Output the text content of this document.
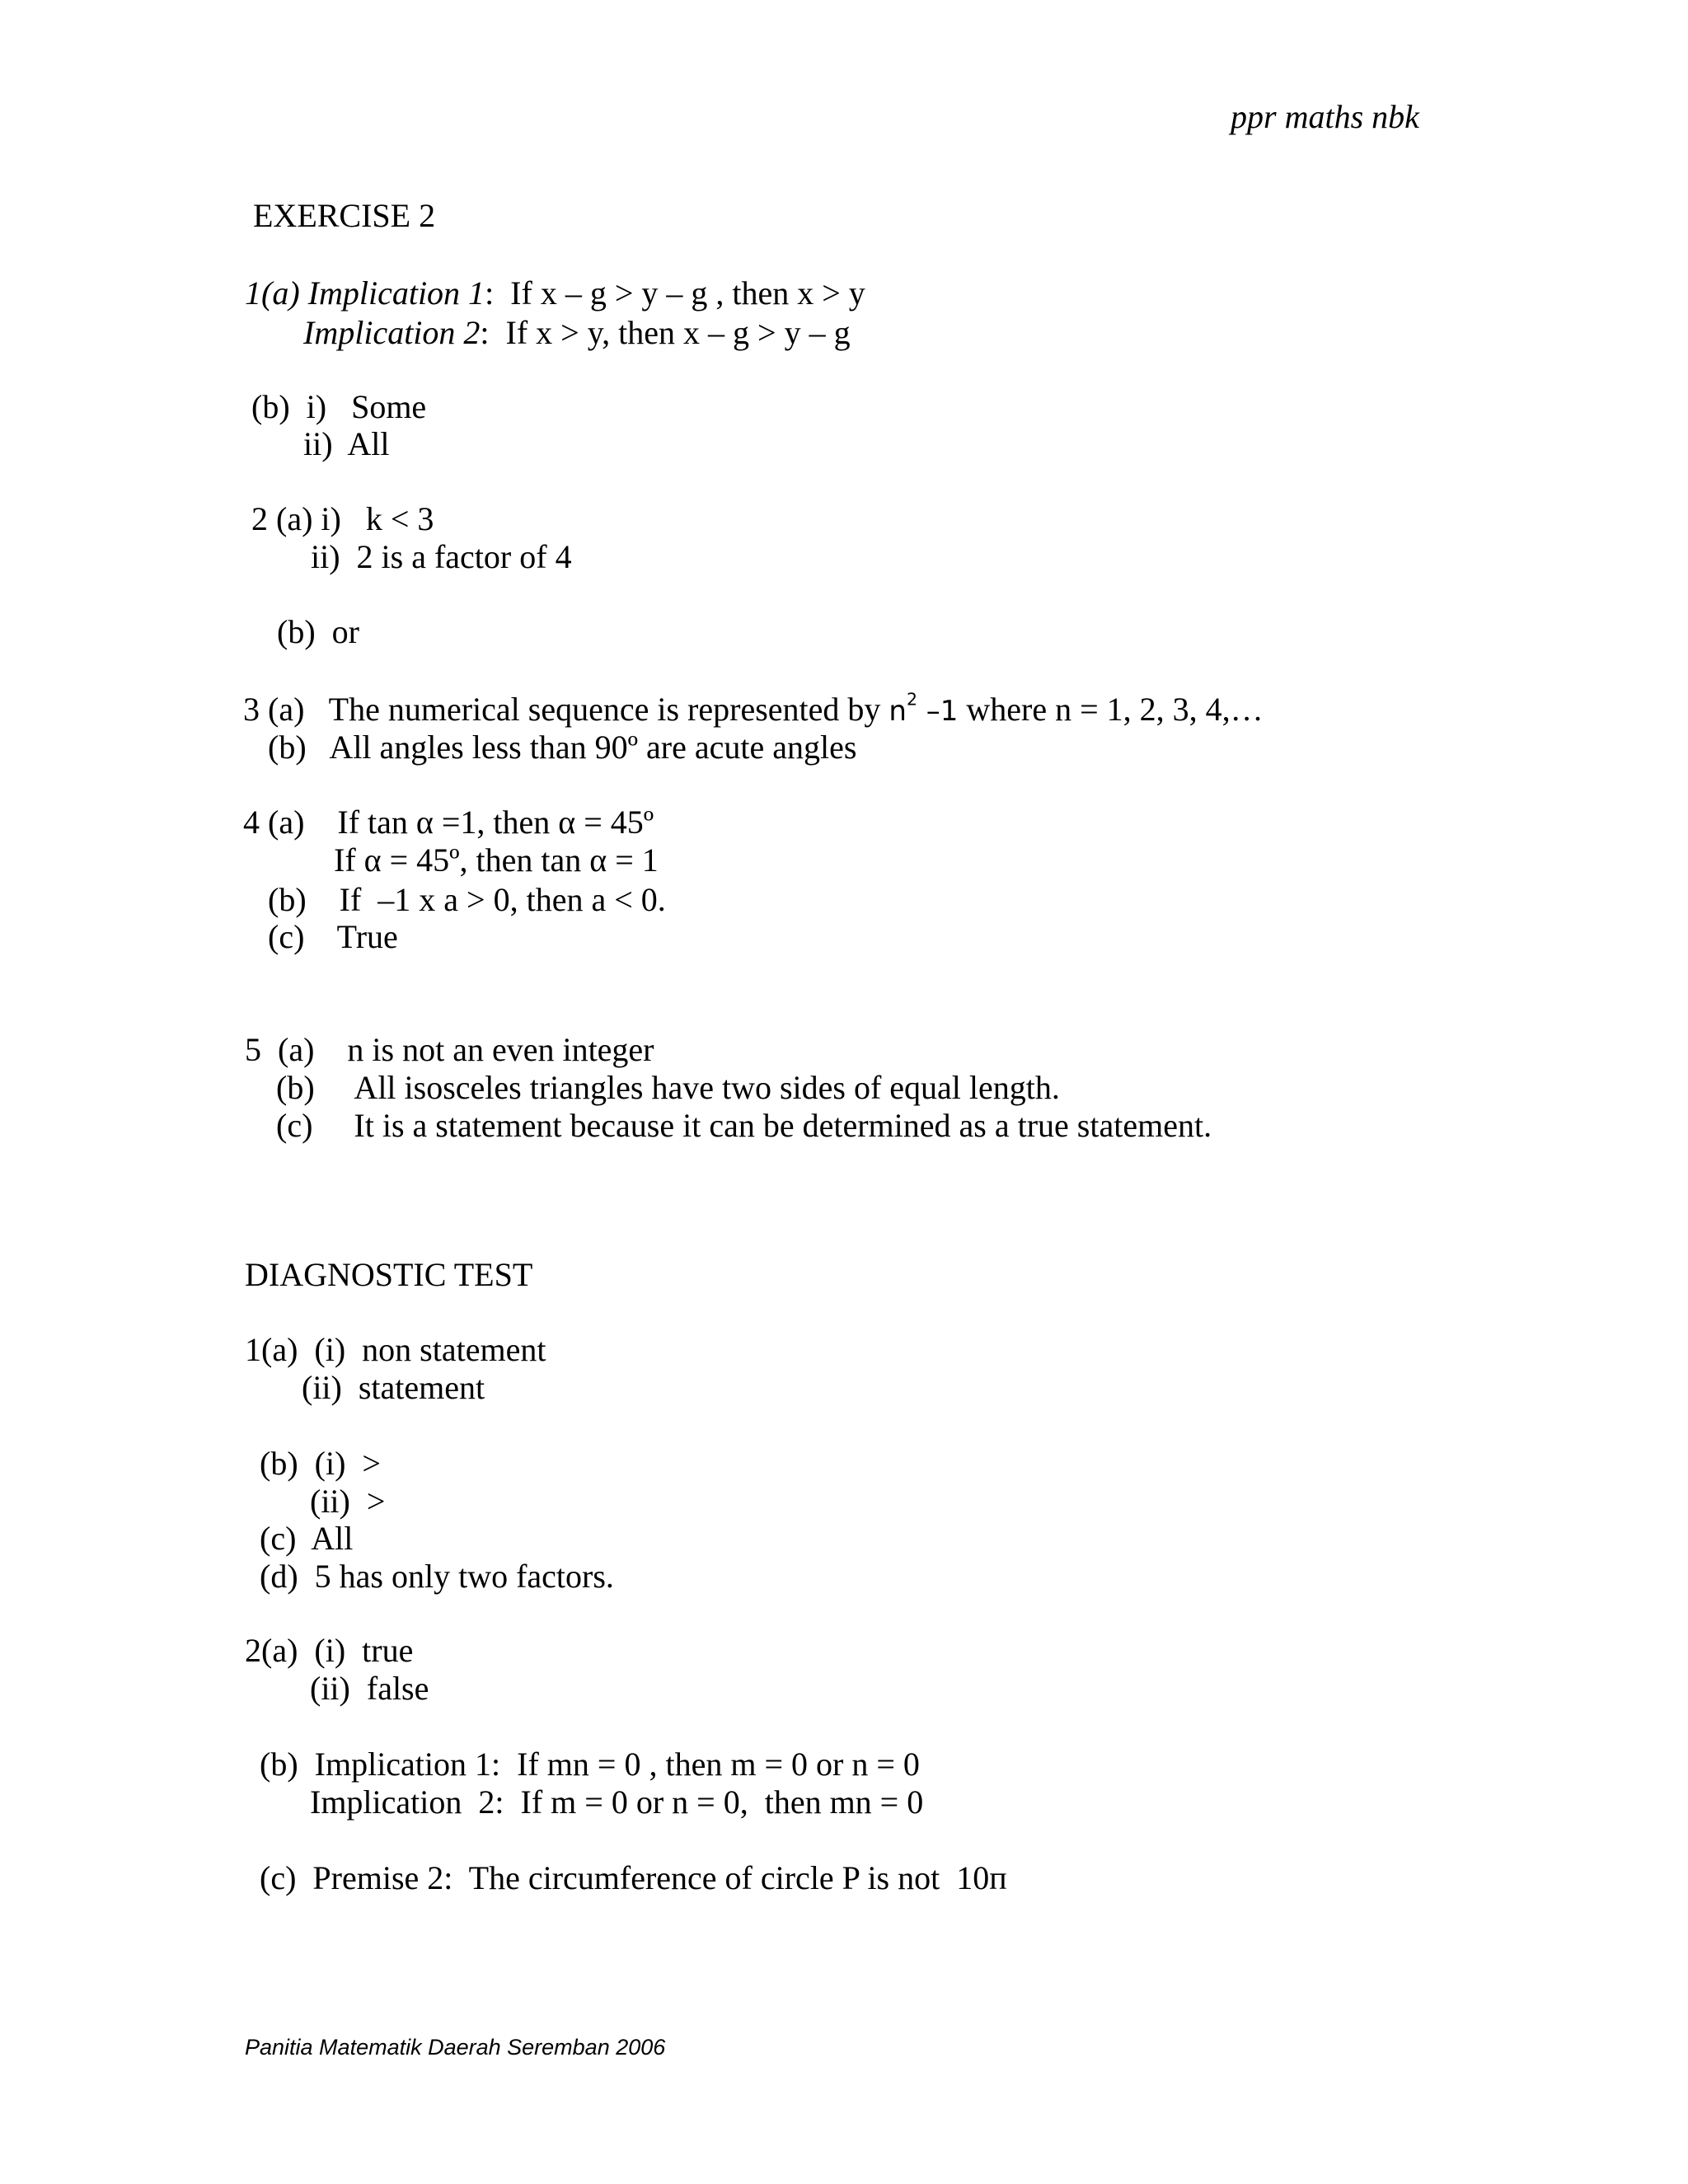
ppr maths nbk
EXERCISE 2
1(a) Implication 1:  If x – g > y – g , then x > y
Implication 2:  If x > y, then x – g > y – g
(b)  i)   Some
ii)  All
2 (a) i)   k < 3
ii)  2 is a factor of 4
(b)  or
3 (a)   The numerical sequence is represented by $n^2$ –1 where n = 1, 2, 3, 4,…
(b)   All angles less than 90º are acute angles
4 (a)    If tan α =1, then α = 45º
If α = 45º, then tan α = 1
(b)    If  –1 x a > 0, then a < 0.
(c)    True
5  (a)    n is not an even integer
(b)     All isosceles triangles have two sides of equal length.
(c)     It is a statement because it can be determined as a true statement.
DIAGNOSTIC TEST
1(a)  (i)  non statement
(ii)  statement
(b)  (i)  >
(ii)  >
(c)  All
(d)  5 has only two factors.
2(a)  (i)  true
(ii)  false
(b)  Implication 1:  If mn = 0 , then m = 0 or n = 0
Implication  2:  If m = 0 or n = 0,  then mn = 0
(c)  Premise 2:  The circumference of circle P is not  10п
Panitia Matematik Daerah Seremban 2006
